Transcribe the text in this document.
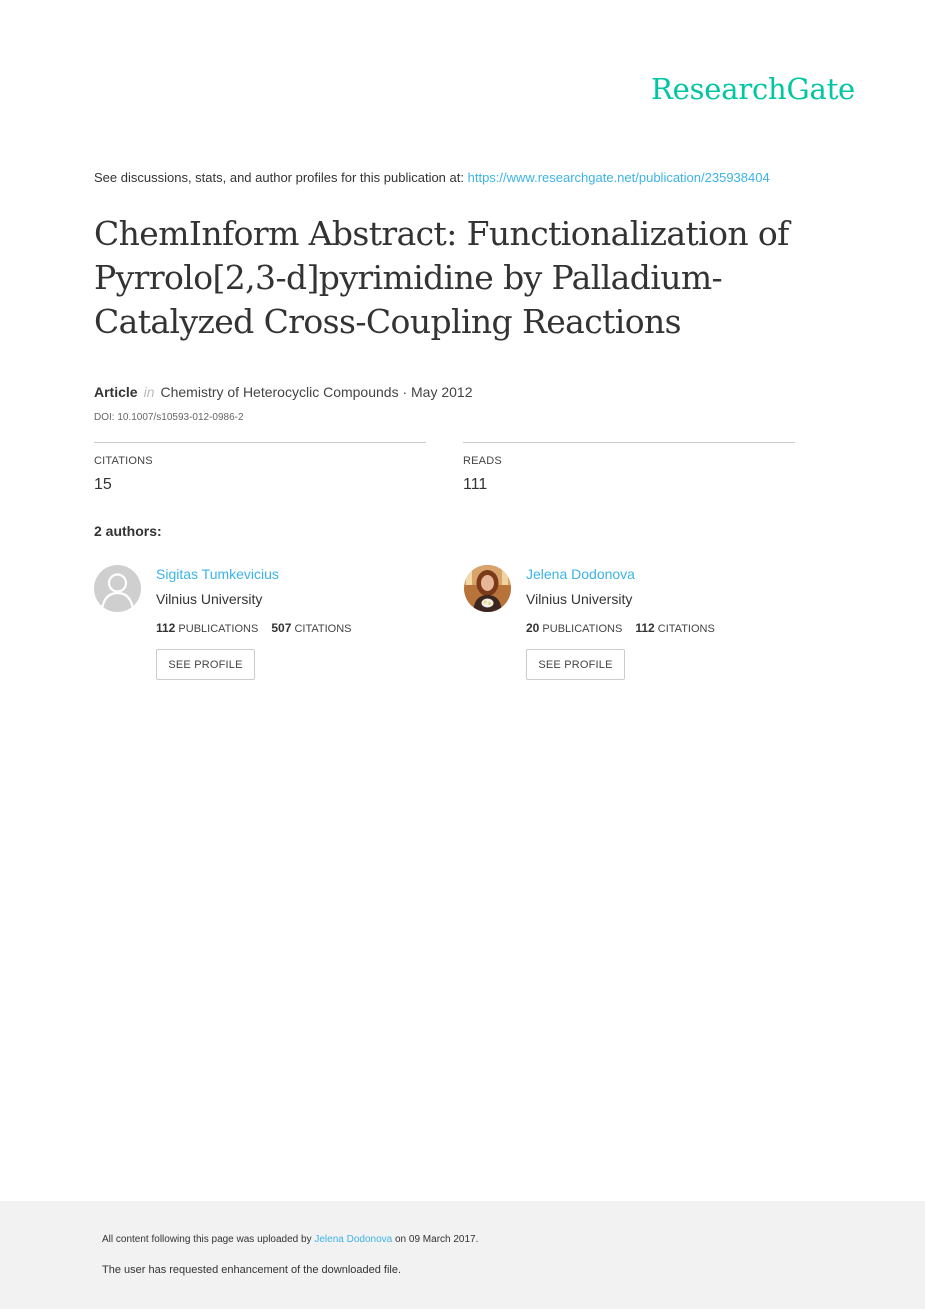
ResearchGate
See discussions, stats, and author profiles for this publication at: https://www.researchgate.net/publication/235938404
ChemInform Abstract: Functionalization of Pyrrolo[2,3-d]pyrimidine by Palladium-Catalyzed Cross-Coupling Reactions
Article in Chemistry of Heterocyclic Compounds · May 2012
DOI: 10.1007/s10593-012-0986-2
CITATIONS
15
READS
111
2 authors:
Sigitas Tumkevicius
Vilnius University
112 PUBLICATIONS 507 CITATIONS
SEE PROFILE
Jelena Dodonova
Vilnius University
20 PUBLICATIONS 112 CITATIONS
SEE PROFILE
All content following this page was uploaded by Jelena Dodonova on 09 March 2017.
The user has requested enhancement of the downloaded file.
